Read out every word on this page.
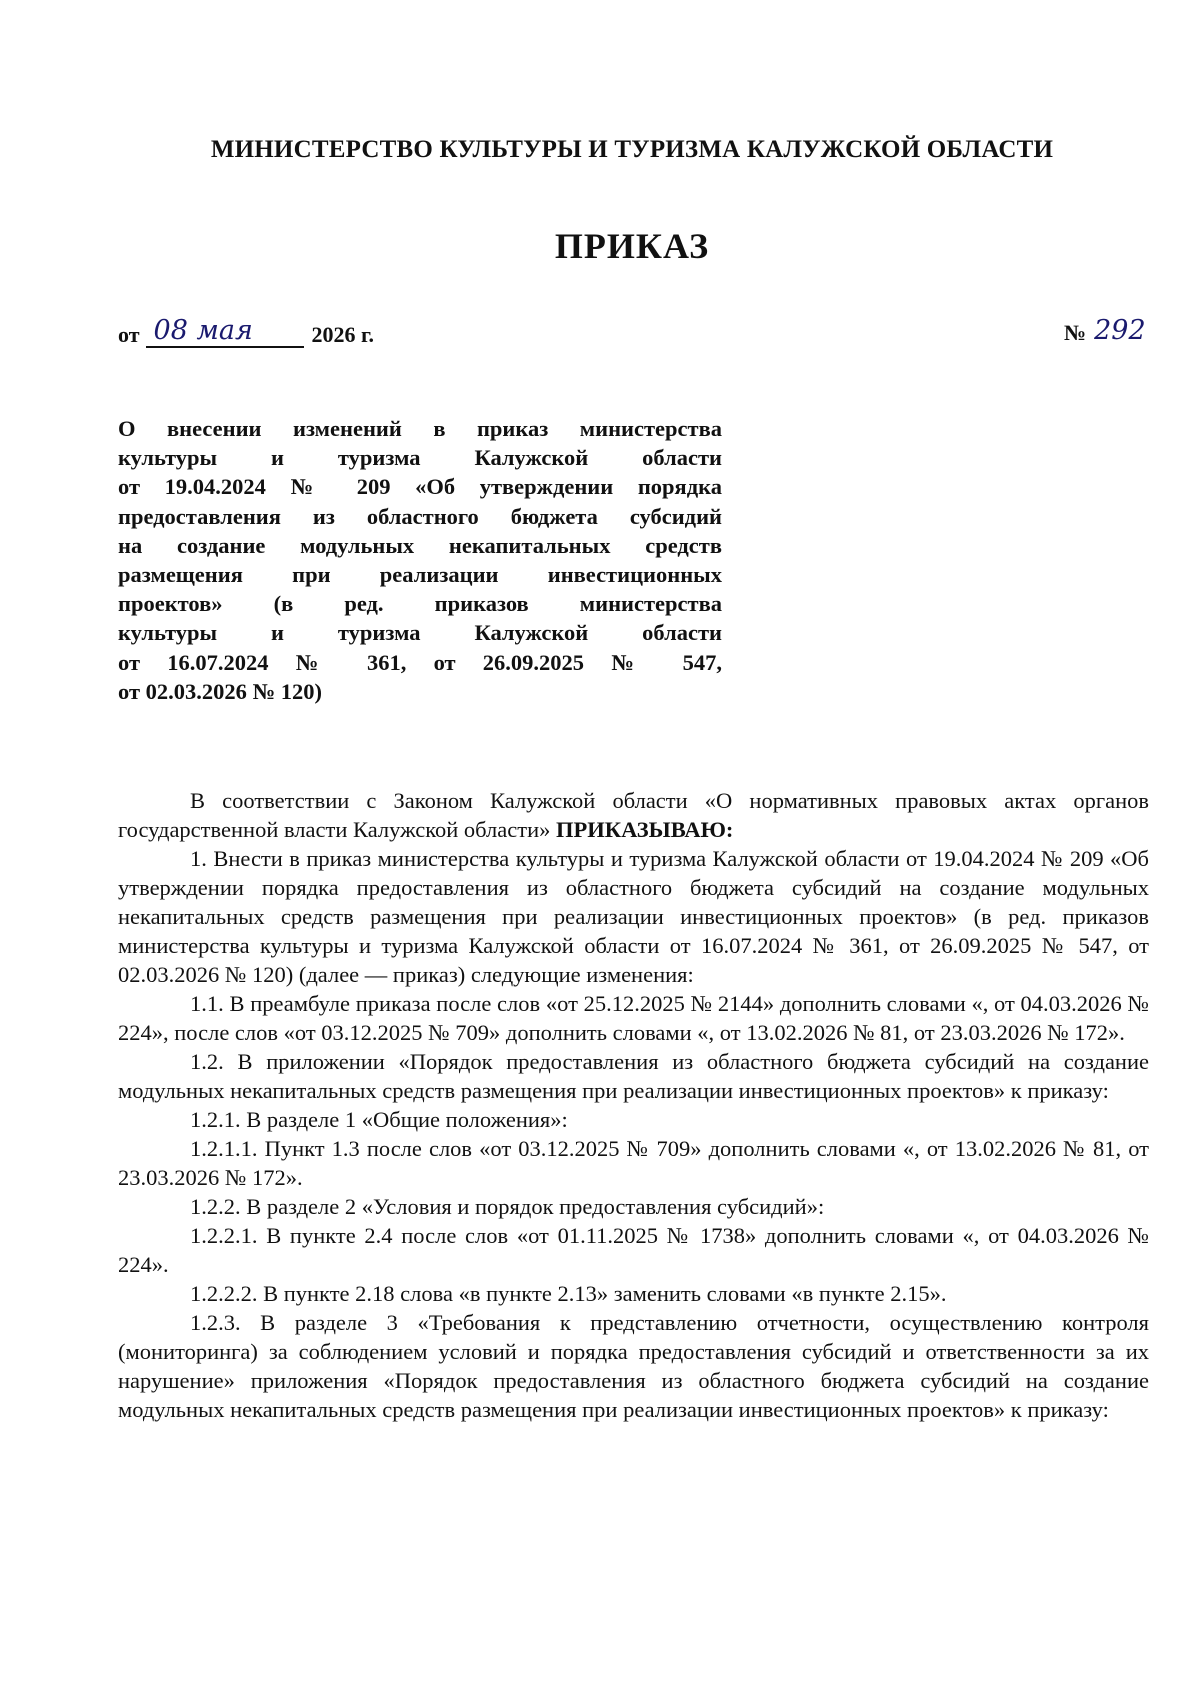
МИНИСТЕРСТВО КУЛЬТУРЫ И ТУРИЗМА КАЛУЖСКОЙ ОБЛАСТИ
ПРИКАЗ
от 08 мая	2026 г.	№ 292
О внесении изменений в приказ министерства
культуры и туризма Калужской области
от 19.04.2024 № 209 «Об утверждении порядка
предоставления из областного бюджета субсидий
на создание модульных некапитальных средств
размещения при реализации инвестиционных
проектов» (в ред. приказов министерства
культуры и туризма Калужской области
от 16.07.2024 № 361, от 26.09.2025 № 547,
от 02.03.2026 № 120)

В соответствии с Законом Калужской области «О нормативных правовых актах органов государственной власти Калужской области» ПРИКАЗЫВАЮ:

1. Внести в приказ министерства культуры и туризма Калужской области от 19.04.2024 № 209 «Об утверждении порядка предоставления из областного бюджета субсидий на создание модульных некапитальных средств размещения при реализации инвестиционных проектов» (в ред. приказов министерства культуры и туризма Калужской области от 16.07.2024 № 361, от 26.09.2025 № 547, от 02.03.2026 № 120) (далее — приказ) следующие изменения:

1.1. В преамбуле приказа после слов «от 25.12.2025 № 2144» дополнить словами «, от 04.03.2026 № 224», после слов «от 03.12.2025 № 709» дополнить словами «, от 13.02.2026 № 81, от 23.03.2026 № 172».

1.2. В приложении «Порядок предоставления из областного бюджета субсидий на создание модульных некапитальных средств размещения при реализации инвестиционных проектов» к приказу:

1.2.1. В разделе 1 «Общие положения»:

1.2.1.1. Пункт 1.3 после слов «от 03.12.2025 № 709» дополнить словами «, от 13.02.2026 № 81, от 23.03.2026 № 172».

1.2.2. В разделе 2 «Условия и порядок предоставления субсидий»:

1.2.2.1. В пункте 2.4 после слов «от 01.11.2025 № 1738» дополнить словами «, от 04.03.2026 № 224».

1.2.2.2. В пункте 2.18 слова «в пункте 2.13» заменить словами «в пункте 2.15».

1.2.3. В разделе 3 «Требования к представлению отчетности, осуществлению контроля (мониторинга) за соблюдением условий и порядка предоставления субсидий и ответственности за их нарушение» приложения «Порядок предоставления из областного бюджета субсидий на создание модульных некапитальных средств размещения при реализации инвестиционных проектов» к приказу:
